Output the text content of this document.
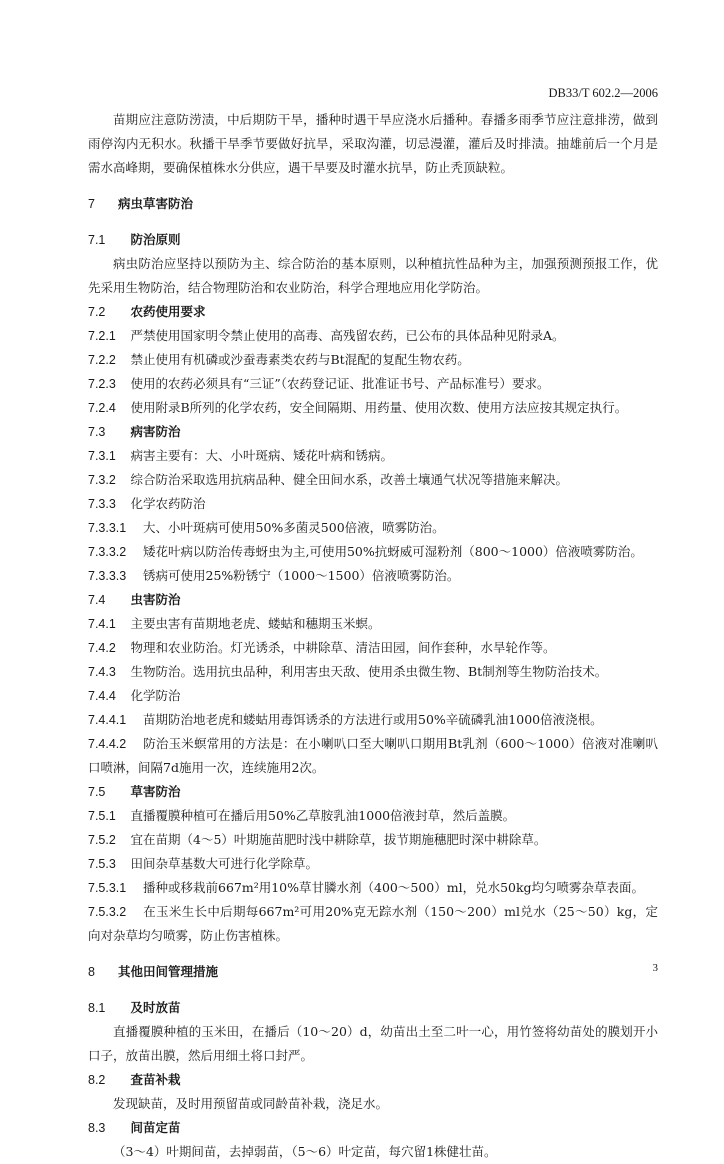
DB33/T 602.2—2006

苗期应注意防涝渍，中后期防干旱，播种时遇干旱应浇水后播种。春播多雨季节应注意排涝，做到雨停沟内无积水。秋播干旱季节要做好抗旱，采取沟灌，切忌漫灌，灌后及时排渍。抽雄前后一个月是需水高峰期，要确保植株水分供应，遇干旱要及时灌水抗旱，防止秃顶缺粒。

7 病虫草害防治

7.1 防治原则

病虫防治应坚持以预防为主、综合防治的基本原则，以种植抗性品种为主，加强预测预报工作，优先采用生物防治，结合物理防治和农业防治，科学合理地应用化学防治。

7.2 农药使用要求

7.2.1 严禁使用国家明令禁止使用的高毒、高残留农药，已公布的具体品种见附录A。

7.2.2 禁止使用有机磷或沙蚕毒素类农药与Bt混配的复配生物农药。

7.2.3 使用的农药必须具有“三证”（农药登记证、批准证书号、产品标准号）要求。

7.2.4 使用附录B所列的化学农药，安全间隔期、用药量、使用次数、使用方法应按其规定执行。

7.3 病害防治

7.3.1 病害主要有：大、小叶斑病、矮花叶病和锈病。

7.3.2 综合防治采取选用抗病品种、健全田间水系，改善土壤通气状况等措施来解决。

7.3.3 化学农药防治

7.3.3.1 大、小叶斑病可使用50%多菌灵500倍液，喷雾防治。

7.3.3.2 矮花叶病以防治传毒蚜虫为主,可使用50%抗蚜威可湿粉剂（800～1000）倍液喷雾防治。

7.3.3.3 锈病可使用25%粉锈宁（1000～1500）倍液喷雾防治。

7.4 虫害防治

7.4.1 主要虫害有苗期地老虎、蝼蛄和穗期玉米螟。

7.4.2 物理和农业防治。灯光诱杀，中耕除草、清洁田园，间作套种，水旱轮作等。

7.4.3 生物防治。选用抗虫品种，利用害虫天敌、使用杀虫微生物、Bt制剂等生物防治技术。

7.4.4 化学防治

7.4.4.1 苗期防治地老虎和蝼蛄用毒饵诱杀的方法进行或用50%辛硫磷乳油1000倍液浇根。

7.4.4.2 防治玉米螟常用的方法是：在小喇叭口至大喇叭口期用Bt乳剂（600～1000）倍液对准喇叭口喷淋，间隔7d施用一次，连续施用2次。

7.5 草害防治

7.5.1 直播覆膜种植可在播后用50%乙草胺乳油1000倍液封草，然后盖膜。

7.5.2 宜在苗期（4～5）叶期施苗肥时浅中耕除草，拔节期施穗肥时深中耕除草。

7.5.3 田间杂草基数大可进行化学除草。

7.5.3.1 播种或移栽前667m²用10%草甘膦水剂（400～500）ml，兑水50kg均匀喷雾杂草表面。

7.5.3.2 在玉米生长中后期每667m²可用20%克无踪水剂（150～200）ml兑水（25～50）kg，定向对杂草均匀喷雾，防止伤害植株。

8 其他田间管理措施

8.1 及时放苗

直播覆膜种植的玉米田，在播后（10～20）d，幼苗出土至二叶一心，用竹签将幼苗处的膜划开小口子，放苗出膜，然后用细土将口封严。

8.2 查苗补栽

发现缺苗，及时用预留苗或同龄苗补栽，浇足水。

8.3 间苗定苗

（3～4）叶期间苗，去掉弱苗，（5～6）叶定苗，每穴留1株健壮苗。

3
